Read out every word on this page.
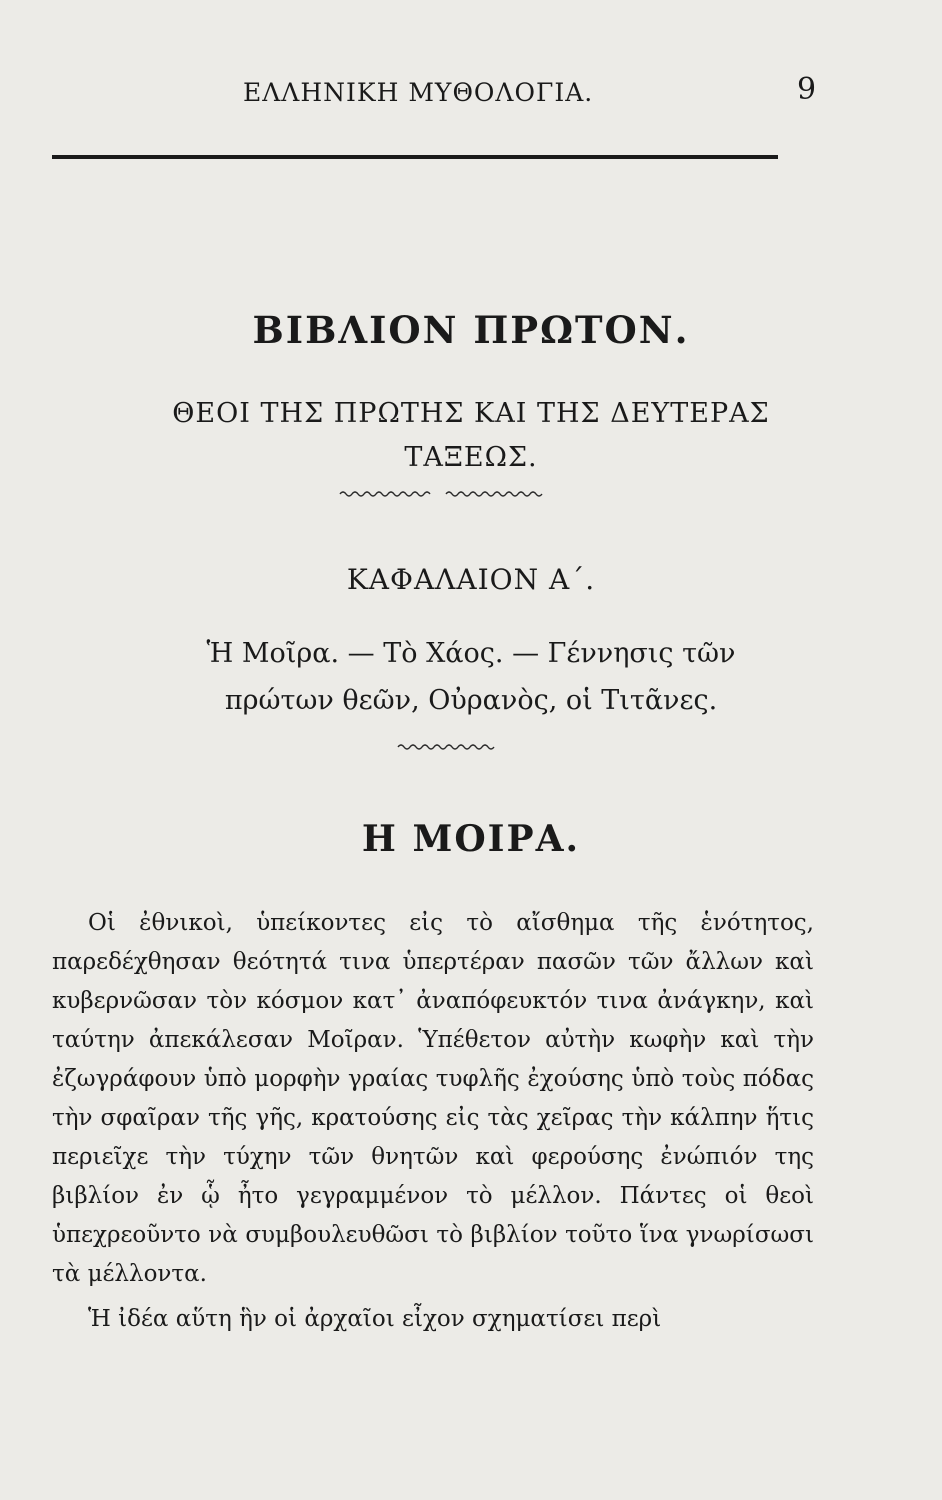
ΕΛΛΗΝΙΚΗ ΜΥΘΟΛΟΓΙΑ.	9
ΒΙΒΛΙΟΝ ΠΡΩΤΟΝ.
ΘΕΟΙ ΤΗΣ ΠΡΩΤΗΣ ΚΑΙ ΤΗΣ ΔΕΥΤΕΡΑΣ
ΤΑΞΕΩΣ.
ΚΑΦΑΛΑΙΟΝ Α΄.
Ἡ Μοῖρα. — Τὸ Χάος. — Γέννησις τῶν
πρώτων θεῶν, Οὐρανὸς, οἱ Τιτᾶνες.
Η ΜΟΙΡΑ.

Οἱ ἐθνικοὶ, ὑπείκοντες εἰς τὸ αἴσθημα τῆς ἑνότητος, παρεδέχθησαν θεότητά τινα ὑπερτέραν πασῶν τῶν ἄλλων καὶ κυβερνῶσαν τὸν κόσμον κατ᾽ ἀναπόφευκτόν τινα ἀνάγκην, καὶ ταύτην ἀπεκάλεσαν Μοῖραν. Ὑπέθετον αὐτὴν κωφὴν καὶ τὴν ἐζωγράφουν ὑπὸ μορφὴν γραίας τυφλῆς ἐχούσης ὑπὸ τοὺς πόδας τὴν σφαῖραν τῆς γῆς, κρατούσης εἰς τὰς χεῖρας τὴν κάλπην ἥτις περιεῖχε τὴν τύχην τῶν θνητῶν καὶ φερούσης ἐνώπιόν της βιβλίον ἐν ᾧ ἦτο γεγραμμένον τὸ μέλλον. Πάντες οἱ θεοὶ ὑπεχρεοῦντο νὰ συμβουλευθῶσι τὸ βιβλίον τοῦτο ἵνα γνωρίσωσι τὰ μέλλοντα.

Ἡ ἰδέα αὕτη ἣν οἱ ἀρχαῖοι εἶχον σχηματίσει περὶ
